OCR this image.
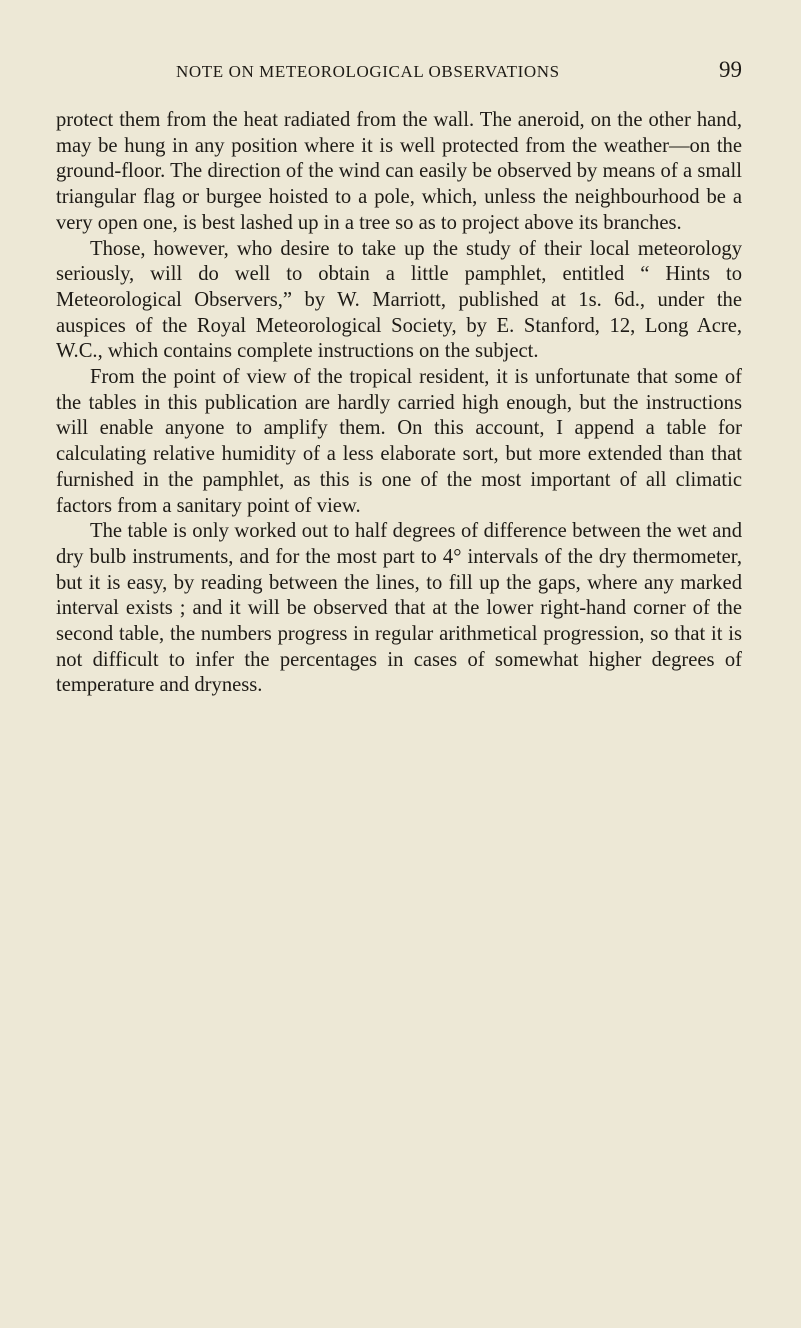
NOTE ON METEOROLOGICAL OBSERVATIONS	99

protect them from the heat radiated from the wall. The aneroid, on the other hand, may be hung in any position where it is well protected from the weather—on the ground-floor. The direction of the wind can easily be observed by means of a small triangular flag or burgee hoisted to a pole, which, unless the neighbourhood be a very open one, is best lashed up in a tree so as to project above its branches.

Those, however, who desire to take up the study of their local meteorology seriously, will do well to obtain a little pamphlet, entitled “ Hints to Meteorological Observers,” by W. Marriott, published at 1s. 6d., under the auspices of the Royal Meteorological Society, by E. Stanford, 12, Long Acre, W.C., which contains complete instructions on the subject.

From the point of view of the tropical resident, it is unfortunate that some of the tables in this publication are hardly carried high enough, but the instructions will enable anyone to amplify them. On this account, I append a table for calculating relative humidity of a less elaborate sort, but more extended than that furnished in the pamphlet, as this is one of the most important of all climatic factors from a sanitary point of view.

The table is only worked out to half degrees of difference between the wet and dry bulb instruments, and for the most part to 4° intervals of the dry thermometer, but it is easy, by reading between the lines, to fill up the gaps, where any marked interval exists ; and it will be observed that at the lower right-hand corner of the second table, the numbers progress in regular arithmetical progression, so that it is not difficult to infer the percentages in cases of somewhat higher degrees of temperature and dryness.
